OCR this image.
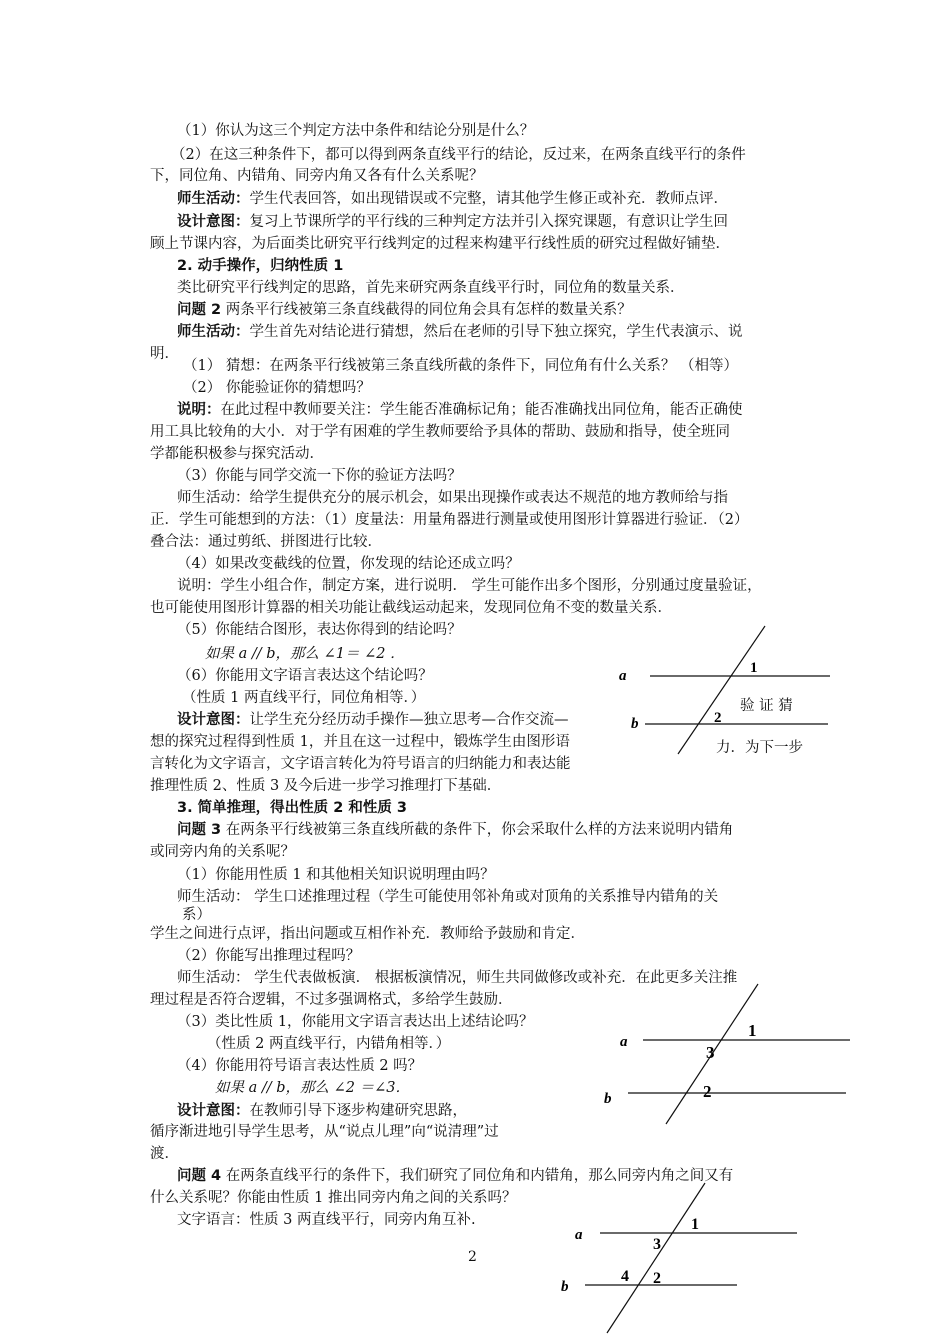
（1）你认为这三个判定方法中条件和结论分别是什么？
（2）在这三种条件下，都可以得到两条直线平行的结论，反过来，在两条直线平行的条件
下，同位角、内错角、同旁内角又各有什么关系呢？
师生活动：学生代表回答，如出现错误或不完整，请其他学生修正或补充．教师点评．
设计意图：复习上节课所学的平行线的三种判定方法并引入探究课题，有意识让学生回
顾上节课内容，为后面类比研究平行线判定的过程来构建平行线性质的研究过程做好铺垫．
2. 动手操作，归纳性质 1
类比研究平行线判定的思路，首先来研究两条直线平行时，同位角的数量关系．
问题 2 两条平行线被第三条直线截得的同位角会具有怎样的数量关系？
师生活动：学生首先对结论进行猜想，然后在老师的引导下独立探究，学生代表演示、说
明．
（1） 猜想：在两条平行线被第三条直线所截的条件下，同位角有什么关系？ （相等）
（2） 你能验证你的猜想吗？
说明：在此过程中教师要关注：学生能否准确标记角；能否准确找出同位角，能否正确使
用工具比较角的大小．对于学有困难的学生教师要给予具体的帮助、鼓励和指导，使全班同
学都能积极参与探究活动．
（3）你能与同学交流一下你的验证方法吗？
师生活动：给学生提供充分的展示机会，如果出现操作或表达不规范的地方教师给与指
正．学生可能想到的方法：（1）度量法：用量角器进行测量或使用图形计算器进行验证．（2）
叠合法：通过剪纸、拼图进行比较．
（4）如果改变截线的位置，你发现的结论还成立吗？
说明：学生小组合作，制定方案，进行说明． 学生可能作出多个图形，分别通过度量验证，
也可能使用图形计算器的相关功能让截线运动起来，发现同位角不变的数量关系．
（5）你能结合图形，表达你得到的结论吗？
如果 a // b，那么 ∠1＝ ∠2 ．
（6）你能用文字语言表达这个结论吗？
（性质 1 两直线平行，同位角相等．）
设计意图：让学生充分经历动手操作—独立思考—合作交流—
想的探究过程得到性质 1，并且在这一过程中，锻炼学生由图形语
言转化为文字语言，文字语言转化为符号语言的归纳能力和表达能
推理性质 2、性质 3 及今后进一步学习推理打下基础．
3. 简单推理，得出性质 2 和性质 3
问题 3 在两条平行线被第三条直线所截的条件下，你会采取什么样的方法来说明内错角
或同旁内角的关系呢？
（1）你能用性质 1 和其他相关知识说明理由吗？
师生活动： 学生口述推理过程（学生可能使用邻补角或对顶角的关系推导内错角的关
系）
学生之间进行点评，指出问题或互相作补充．教师给予鼓励和肯定．
（2）你能写出推理过程吗？
师生活动： 学生代表做板演． 根据板演情况，师生共同做修改或补充．在此更多关注推
理过程是否符合逻辑，不过多强调格式，多给学生鼓励．
（3）类比性质 1，你能用文字语言表达出上述结论吗？
（性质 2 两直线平行，内错角相等．）
（4）你能用符号语言表达性质 2 吗？
如果 a // b，那么 ∠2 ＝∠3．
设计意图：在教师引导下逐步构建研究思路，
循序渐进地引导学生思考，从“说点儿理”向“说清理”过
渡．
问题 4 在两条直线平行的条件下，我们研究了同位角和内错角，那么同旁内角之间又有
什么关系呢？你能由性质 1 推出同旁内角之间的关系吗？
文字语言：性质 3 两直线平行，同旁内角互补.
验 证 猜
力．为下一步
a
b
1
2
a
b
1
3
2
a
b
1
3
4 2
2
